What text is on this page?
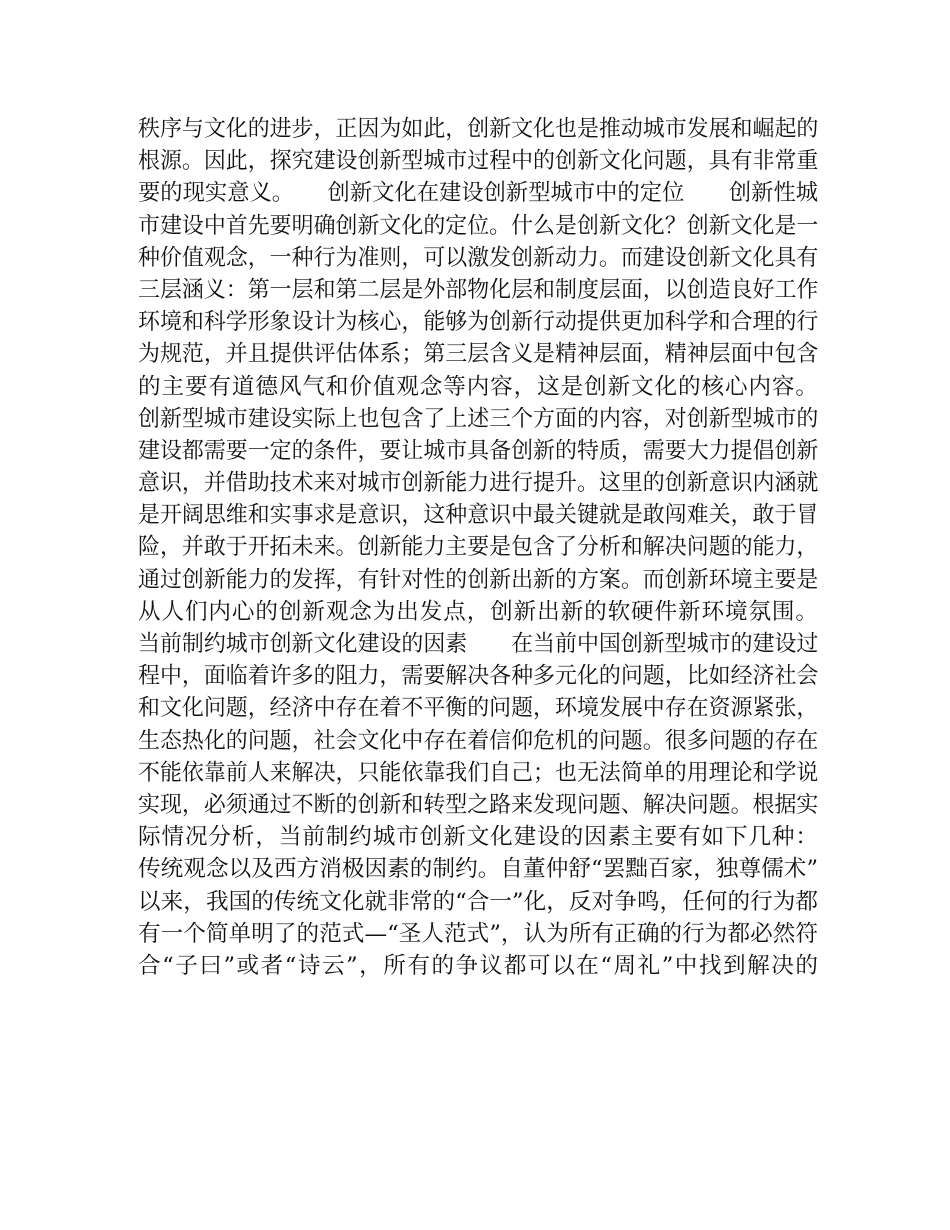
秩序与文化的进步，正因为如此，创新文化也是推动城市发展和崛起的
根源。因此，探究建设创新型城市过程中的创新文化问题，具有非常重
要的现实意义。　　创新文化在建设创新型城市中的定位　　创新性城
市建设中首先要明确创新文化的定位。什么是创新文化？创新文化是一
种价值观念，一种行为准则，可以激发创新动力。而建设创新文化具有
三层涵义：第一层和第二层是外部物化层和制度层面，以创造良好工作
环境和科学形象设计为核心，能够为创新行动提供更加科学和合理的行
为规范，并且提供评估体系；第三层含义是精神层面，精神层面中包含
的主要有道德风气和价值观念等内容，这是创新文化的核心内容。
创新型城市建设实际上也包含了上述三个方面的内容，对创新型城市的
建设都需要一定的条件，要让城市具备创新的特质，需要大力提倡创新
意识，并借助技术来对城市创新能力进行提升。这里的创新意识内涵就
是开阔思维和实事求是意识，这种意识中最关键就是敢闯难关，敢于冒
险，并敢于开拓未来。创新能力主要是包含了分析和解决问题的能力，
通过创新能力的发挥，有针对性的创新出新的方案。而创新环境主要是
从人们内心的创新观念为出发点，创新出新的软硬件新环境氛围。
当前制约城市创新文化建设的因素　　在当前中国创新型城市的建设过
程中，面临着许多的阻力，需要解决各种多元化的问题，比如经济社会
和文化问题，经济中存在着不平衡的问题，环境发展中存在资源紧张，
生态热化的问题，社会文化中存在着信仰危机的问题。很多问题的存在
不能依靠前人来解决，只能依靠我们自己；也无法简单的用理论和学说
实现，必须通过不断的创新和转型之路来发现问题、解决问题。根据实
际情况分析，当前制约城市创新文化建设的因素主要有如下几种：
传统观念以及西方消极因素的制约。自董仲舒“罢黜百家，独尊儒术”
以来，我国的传统文化就非常的“合一”化，反对争鸣，任何的行为都
有一个简单明了的范式—“圣人范式”，认为所有正确的行为都必然符
合“子曰”或者“诗云”，所有的争议都可以在“周礼”中找到解决的
